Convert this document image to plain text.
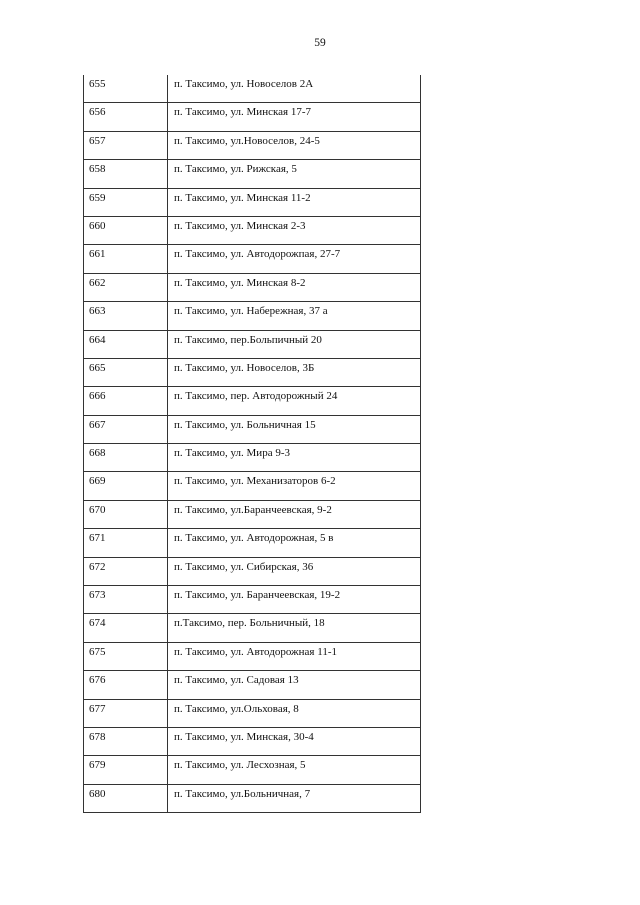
59
655	п. Таксимо, ул. Новоселов 2А
656	п. Таксимо, ул. Минская 17-7
657	п. Таксимо, ул.Новоселов, 24-5
658	п. Таксимо, ул. Рижская, 5
659	п. Таксимо, ул. Минская 11-2
660	п. Таксимо, ул. Минская 2-3
661	п. Таксимо, ул. Автодорожпая, 27-7
662	п. Таксимо, ул. Минская 8-2
663	п. Таксимо, ул. Набережная, 37 а
664	п. Таксимо, пер.Больпичный 20
665	п. Таксимо, ул. Новоселов, 3Б
666	п. Таксимо, пер. Автодорожный 24
667	п. Таксимо, ул. Больничная 15
668	п. Таксимо, ул. Мира 9-3
669	п. Таксимо, ул. Механизаторов 6-2
670	п. Таксимо, ул.Баранчеевская, 9-2
671	п. Таксимо, ул. Автодорожная, 5 в
672	п. Таксимо, ул. Сибирская, 36
673	п. Таксимо, ул. Баранчеевская, 19-2
674	п.Таксимо, пер. Больничный, 18
675	п. Таксимо, ул. Автодорожная 11-1
676	п. Таксимо, ул. Садовая 13
677	п. Таксимо, ул.Ольховая, 8
678	п. Таксимо, ул. Минская, 30-4
679	п. Таксимо, ул. Лесхозная, 5
680	п. Таксимо, ул.Больничная, 7
